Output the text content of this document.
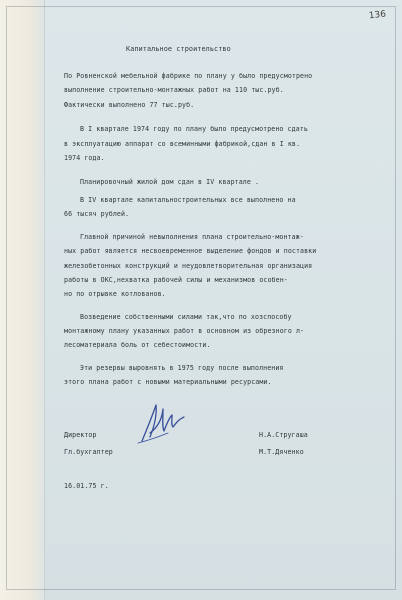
136
Капитальное строительство
По Ровненской мебельной фабрике по плану у было предусмотрено
выполнение строительно-монтажных работ на 110 тыс.руб.
Фактически выполнено 77 тыс.руб.
В I квартале 1974 году по плану было предусмотрено сдать
в эксплуатацию аппарат со всеминными фабрикой,сдан в I кв.
1974 года.
Планировочный жилой дом сдан в IV квартале .
В IV квартале капитальностроительных все выполнено на
66 тысяч рублей.
Главной причиной невыполнения плана строительно-монтаж-
ных работ является несвоевременное выделение фондов и поставки
железобетонных конструкций и неудовлетворительная организация
работы в ОКС,нехватка рабочей силы и механизмов особен-
но по отрывке котлованов.
Возведение собственными силами так,что по хозспособу
монтажному плану указанных работ в основном из обрезного л-
лесоматериала боль от себестоимости.
Эти резервы выровнять в 1975 году после выполнения
этого плана работ с новыми материальными ресурсами.
Директор	Н.А.Стругаша
Гл.бухгалтер	М.Т.Дяченко
16.01.75 г.
